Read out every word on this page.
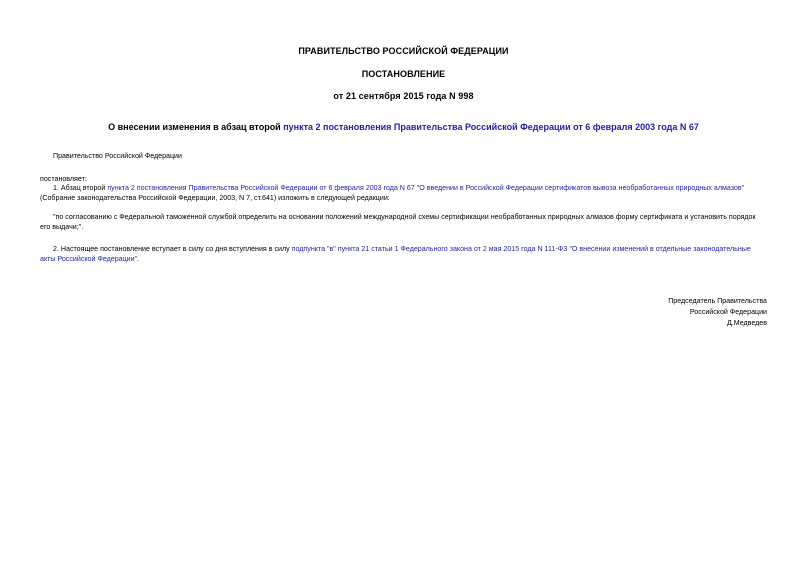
ПРАВИТЕЛЬСТВО РОССИЙСКОЙ ФЕДЕРАЦИИ
ПОСТАНОВЛЕНИЕ
от 21 сентября 2015 года N 998
О внесении изменения в абзац второй пункта 2 постановления Правительства Российской Федерации от 6 февраля 2003 года N 67
Правительство Российской Федерации
постановляет:
1. Абзац второй пункта 2 постановления Правительства Российской Федерации от 6 февраля 2003 года N 67 "О введении в Российской Федерации сертификатов вывоза необработанных природных алмазов"
(Собрание законодательства Российской Федерации, 2003, N 7, ст.641) изложить в следующей редакции:
"по согласованию с Федеральной таможенной службой определить на основании положений международной схемы сертификации необработанных природных алмазов форму сертификата и установить порядок
его выдачи;".
2. Настоящее постановление вступает в силу со дня вступления в силу подпункта "в" пункта 21 статьи 1 Федерального закона от 2 мая 2015 года N 111-ФЗ "О внесении изменений в отдельные законодательные
акты Российской Федерации".
Председатель Правительства
Российской Федерации
Д.Медведев
